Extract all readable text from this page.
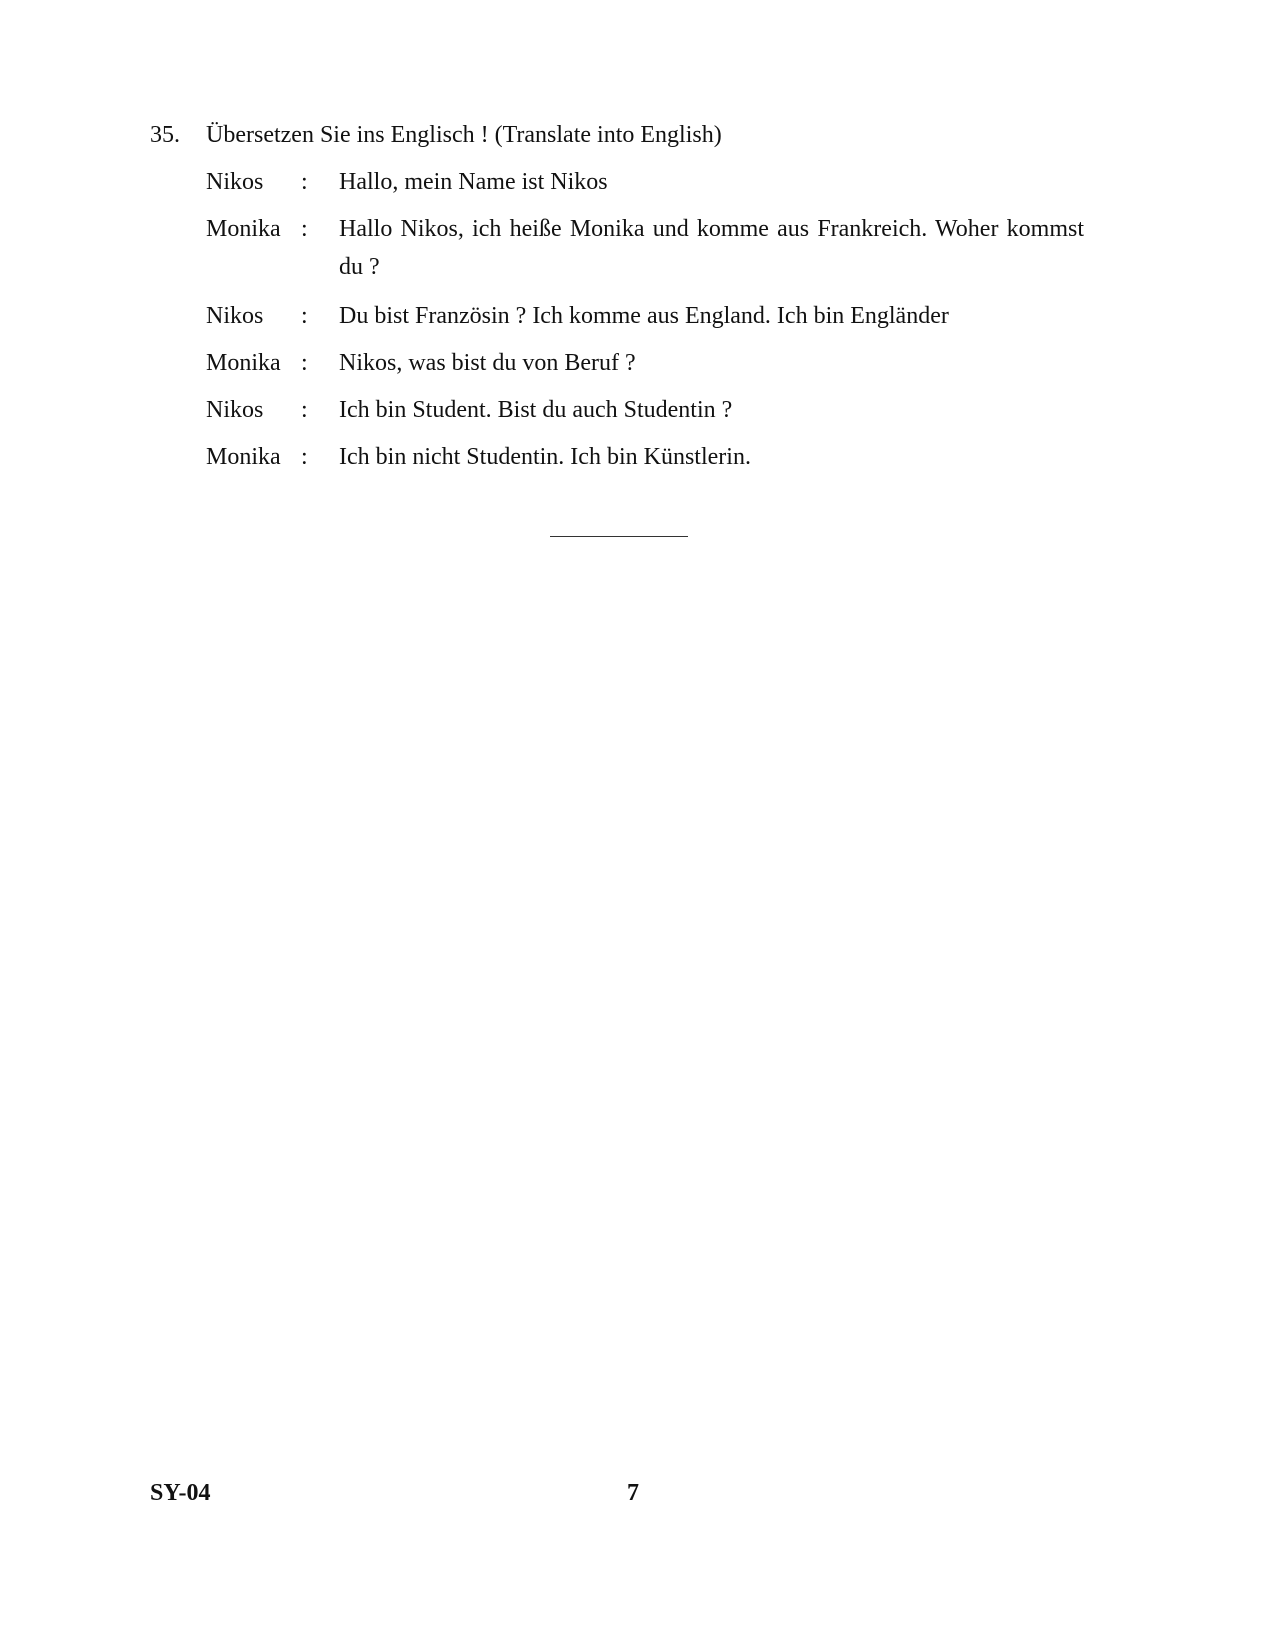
35.	Übersetzen Sie ins Englisch ! (Translate into English)
Nikos	:	Hallo, mein Name ist Nikos
Monika :	Hallo Nikos, ich heiße Monika und komme aus Frankreich. Woher kommst du ?
Nikos	:	Du bist Französin ? Ich komme aus England. Ich bin Engländer
Monika :	Nikos, was bist du von Beruf ?
Nikos	:	Ich bin Student. Bist du auch Studentin ?
Monika :	Ich bin nicht Studentin. Ich bin Künstlerin.
SY-04	7
